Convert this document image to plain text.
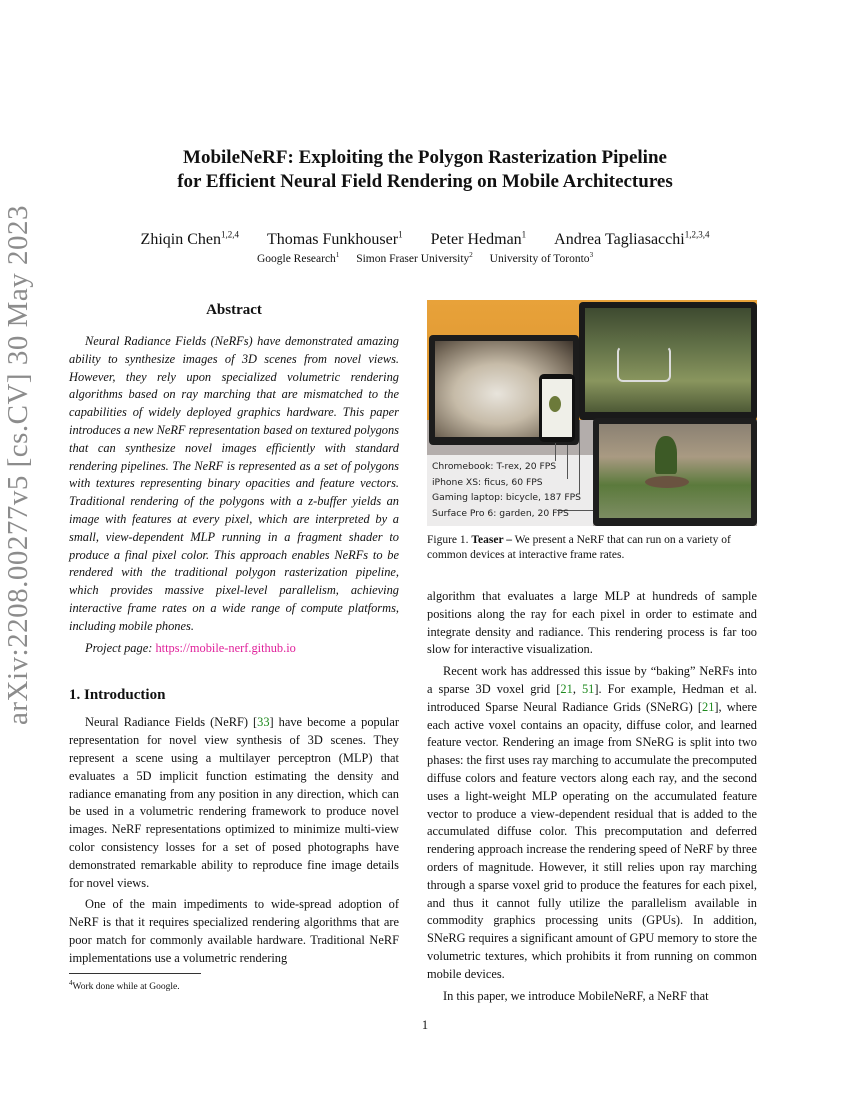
arXiv:2208.00277v5 [cs.CV] 30 May 2023
MobileNeRF: Exploiting the Polygon Rasterization Pipeline
for Efficient Neural Field Rendering on Mobile Architectures
Zhiqin Chen$^{1,2,4}$ Thomas Funkhouser$^1$ Peter Hedman$^1$ Andrea Tagliasacchi$^{1,2,3,4}$
Google Research$^1$ Simon Fraser University$^2$ University of Toronto$^3$
Abstract

Neural Radiance Fields (NeRFs) have demonstrated amazing ability to synthesize images of 3D scenes from novel views. However, they rely upon specialized volumetric rendering algorithms based on ray marching that are mismatched to the capabilities of widely deployed graphics hardware. This paper introduces a new NeRF representation based on textured polygons that can synthesize novel images efficiently with standard rendering pipelines. The NeRF is represented as a set of polygons with textures representing binary opacities and feature vectors. Traditional rendering of the polygons with a z-buffer yields an image with features at every pixel, which are interpreted by a small, view-dependent MLP running in a fragment shader to produce a final pixel color. This approach enables NeRFs to be rendered with the traditional polygon rasterization pipeline, which provides massive pixel-level parallelism, achieving interactive frame rates on a wide range of compute platforms, including mobile phones.

Project page: https://mobile-nerf.github.io

1. Introduction

Neural Radiance Fields (NeRF) [33] have become a popular representation for novel view synthesis of 3D scenes. They represent a scene using a multilayer perceptron (MLP) that evaluates a 5D implicit function estimating the density and radiance emanating from any position in any direction, which can be used in a volumetric rendering framework to produce novel images. NeRF representations optimized to minimize multi-view color consistency losses for a set of posed photographs have demonstrated remarkable ability to reproduce fine image details for novel views.

One of the main impediments to wide-spread adoption of NeRF is that it requires specialized rendering algorithms that are poor match for commonly available hardware. Traditional NeRF implementations use a volumetric rendering

Chromebook: T-rex, 20 FPS
iPhone XS: ficus, 60 FPS
Gaming laptop: bicycle, 187 FPS
Surface Pro 6: garden, 20 FPS

Figure 1. Teaser – We present a NeRF that can run on a variety of common devices at interactive frame rates.

algorithm that evaluates a large MLP at hundreds of sample positions along the ray for each pixel in order to estimate and integrate density and radiance. This rendering process is far too slow for interactive visualization.

Recent work has addressed this issue by “baking” NeRFs into a sparse 3D voxel grid [21, 51]. For example, Hedman et al. introduced Sparse Neural Radiance Grids (SNeRG) [21], where each active voxel contains an opacity, diffuse color, and learned feature vector. Rendering an image from SNeRG is split into two phases: the first uses ray marching to accumulate the precomputed diffuse colors and feature vectors along each ray, and the second uses a light-weight MLP operating on the accumulated feature vector to produce a view-dependent residual that is added to the accumulated diffuse color. This precomputation and deferred rendering approach increase the rendering speed of NeRF by three orders of magnitude. However, it still relies upon ray marching through a sparse voxel grid to produce the features for each pixel, and thus it cannot fully utilize the parallelism available in commodity graphics processing units (GPUs). In addition, SNeRG requires a significant amount of GPU memory to store the volumetric textures, which prohibits it from running on common mobile devices.

In this paper, we introduce MobileNeRF, a NeRF that

$^4$Work done while at Google.
1
